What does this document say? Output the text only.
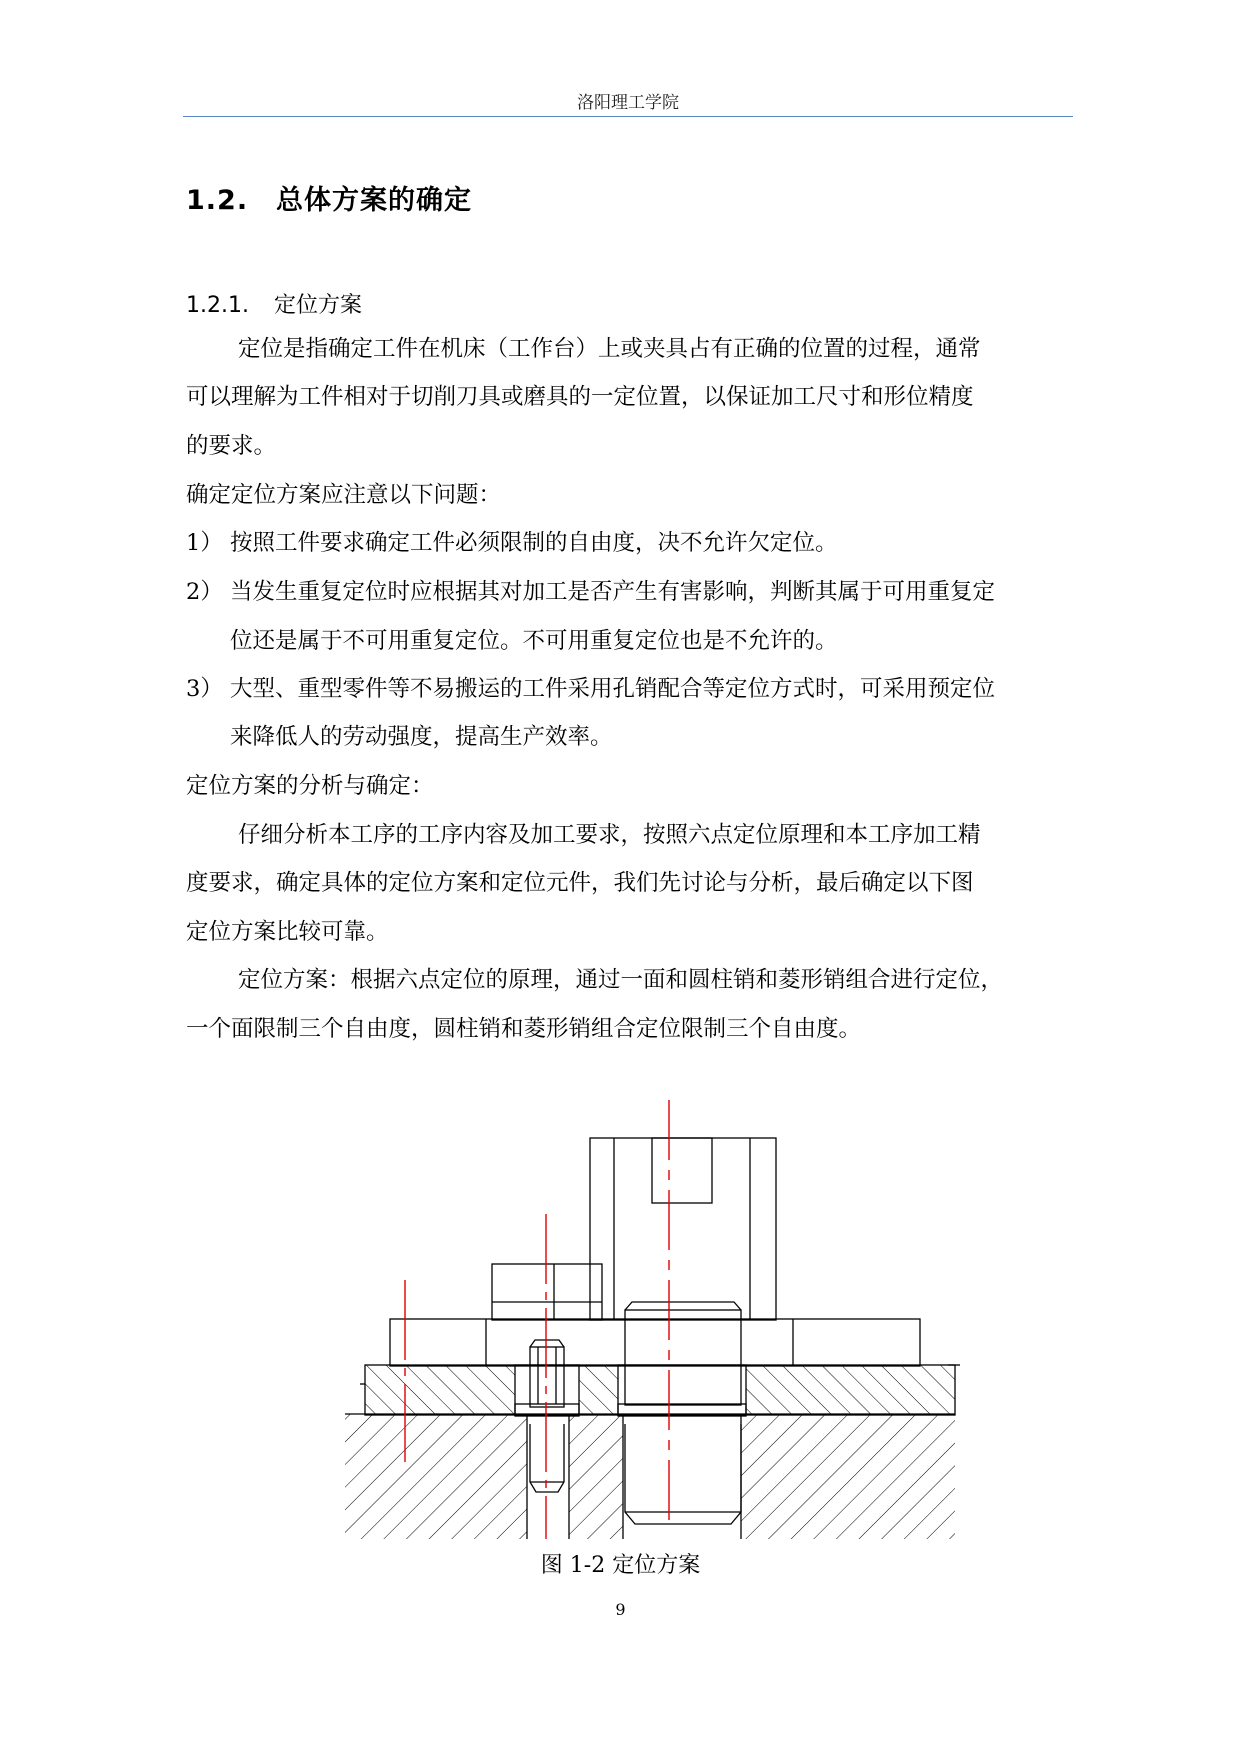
洛阳理工学院
1.2. 总体方案的确定
1.2.1. 定位方案
定位是指确定工件在机床（工作台）上或夹具占有正确的位置的过程，通常
可以理解为工件相对于切削刀具或磨具的一定位置，以保证加工尺寸和形位精度
的要求。
确定定位方案应注意以下问题：
1） 按照工件要求确定工件必须限制的自由度，决不允许欠定位。
2） 当发生重复定位时应根据其对加工是否产生有害影响，判断其属于可用重复定
位还是属于不可用重复定位。不可用重复定位也是不允许的。
3） 大型、重型零件等不易搬运的工件采用孔销配合等定位方式时，可采用预定位
来降低人的劳动强度，提高生产效率。
定位方案的分析与确定：
仔细分析本工序的工序内容及加工要求，按照六点定位原理和本工序加工精
度要求，确定具体的定位方案和定位元件，我们先讨论与分析，最后确定以下图
定位方案比较可靠。
定位方案：根据六点定位的原理，通过一面和圆柱销和菱形销组合进行定位，
一个面限制三个自由度，圆柱销和菱形销组合定位限制三个自由度。
图 1-2 定位方案
9
